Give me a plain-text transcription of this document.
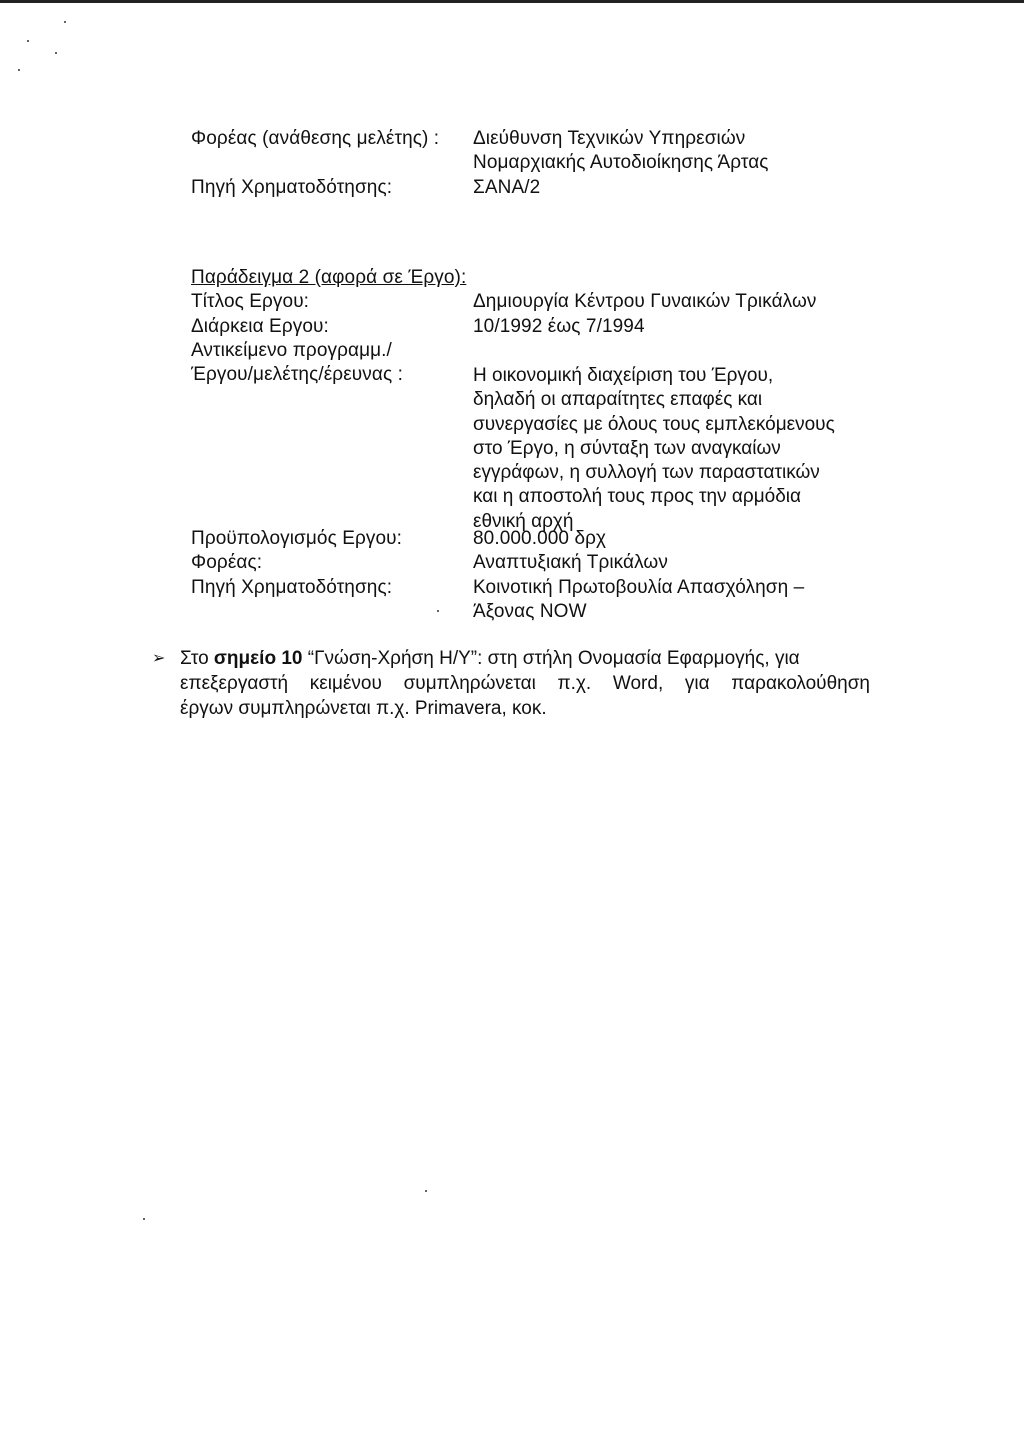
Φορέας (ανάθεσης μελέτης) : Διεύθυνση Τεχνικών Υπηρεσιών
Νομαρχιακής Αυτοδιοίκησης Άρτας
Πηγή Χρηματοδότησης:	ΣΑΝΑ/2
Παράδειγμα 2 (αφορά σε Έργο):
Τίτλος Εργου:	Δημιουργία Κέντρου Γυναικών Τρικάλων
Διάρκεια Εργου:	10/1992 έως 7/1994
Αντικείμενο προγραμμ./
Έργου/μελέτης/έρευνας :	Η οικονομική διαχείριση του Έργου,
δηλαδή οι απαραίτητες επαφές και
συνεργασίες με όλους τους εμπλεκόμενους
στο Έργο, η σύνταξη των αναγκαίων
εγγράφων, η συλλογή των παραστατικών
και η αποστολή τους προς την αρμόδια
εθνική αρχή
Προϋπολογισμός Εργου:	80.000.000 δρχ
Φορέας:	Αναπτυξιακή Τρικάλων
Πηγή Χρηματοδότησης:	Κοινοτική Πρωτοβουλία Απασχόληση –
Άξονας NOW
➢ Στο σημείο 10 “Γνώση-Χρήση Η/Υ”: στη στήλη Ονομασία Εφαρμογής, για
επεξεργαστή κειμένου συμπληρώνεται π.χ. Word, για παρακολούθηση
έργων συμπληρώνεται π.χ. Primavera, κοκ.
